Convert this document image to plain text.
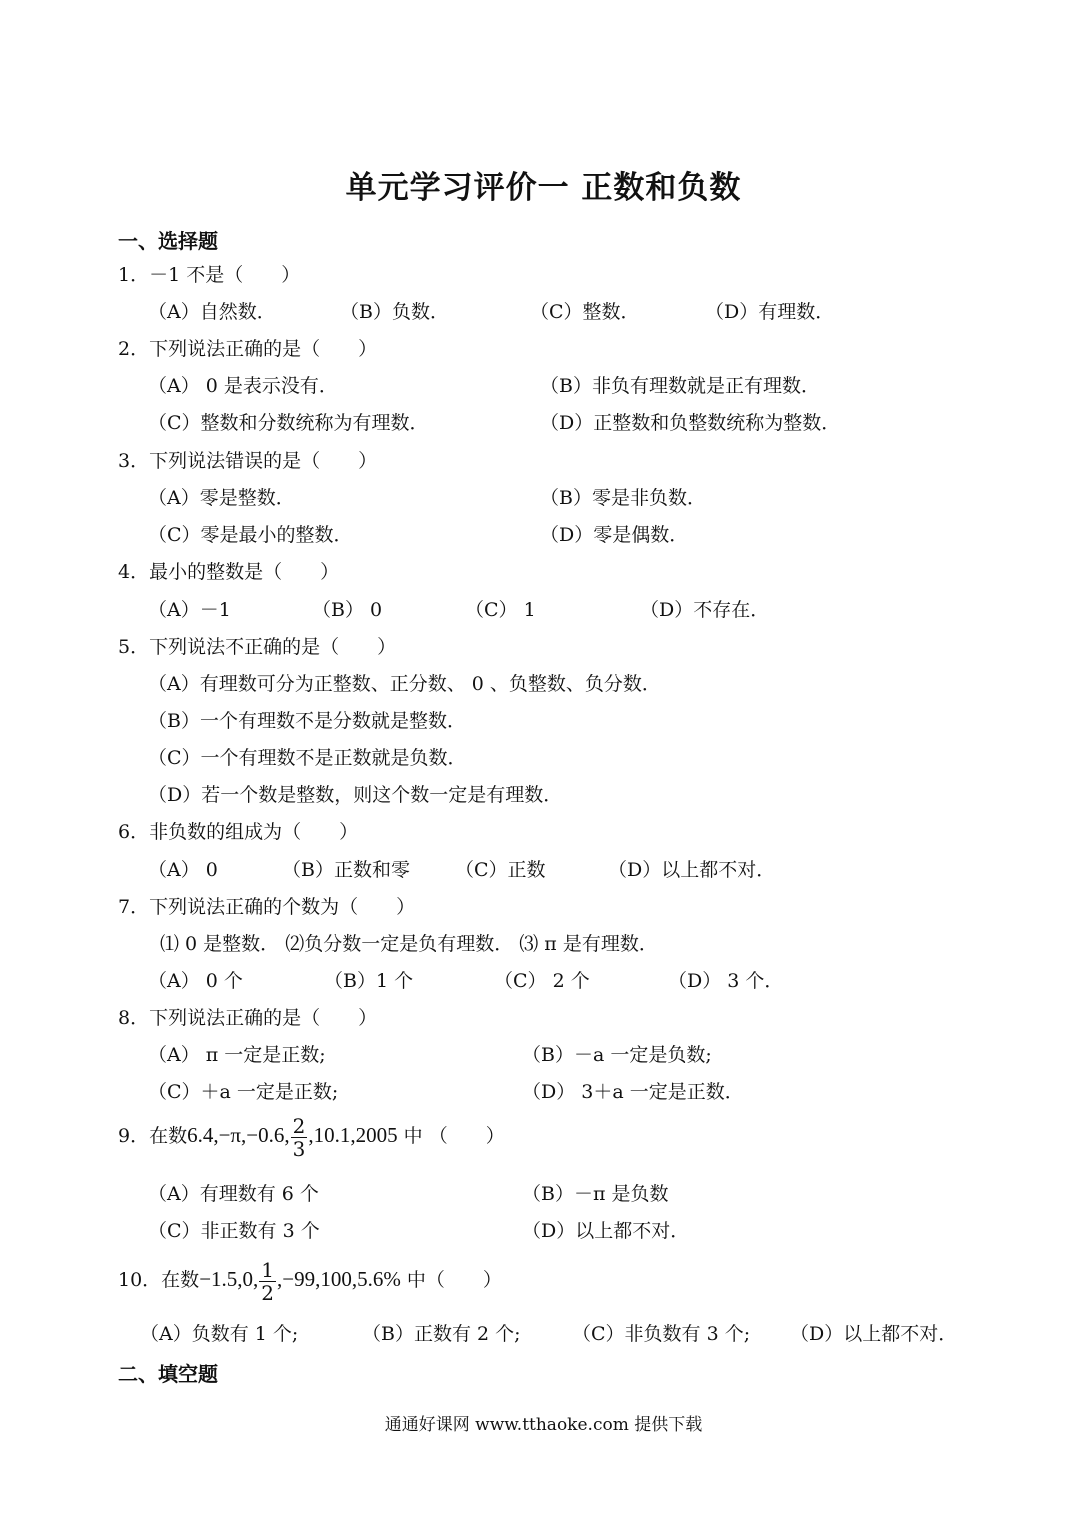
单元学习评价一 正数和负数
一、选择题
1．－1 不是（　　）
（A）自然数．	（B）负数．	（C）整数．	（D）有理数．
2．下列说法正确的是（　　）
（A） 0 是表示没有．	（B）非负有理数就是正有理数．
（C）整数和分数统称为有理数．	（D）正整数和负整数统称为整数．
3．下列说法错误的是（　　）
（A）零是整数．	（B）零是非负数．
（C）零是最小的整数．	（D）零是偶数．
4．最小的整数是（　　）
（A）－1	（B） 0	（C） 1	（D）不存在．
5．下列说法不正确的是（　　）
（A）有理数可分为正整数、正分数、 0 、负整数、负分数．
（B）一个有理数不是分数就是整数．
（C）一个有理数不是正数就是负数．
（D）若一个数是整数，则这个数一定是有理数．
6．非负数的组成为（　　）
（A） 0	（B）正数和零 （C）正数	（D）以上都不对．
7．下列说法正确的个数为（　　）
⑴ 0 是整数． ⑵负分数一定是负有理数． ⑶ π 是有理数．
（A） 0 个	（B）1 个	（C） 2 个	（D） 3 个．
8．下列说法正确的是（　　）
（A） π 一定是正数;	（B）－a 一定是负数;
（C）＋a 一定是正数;	（D） 3＋a 一定是正数．
9．在数6.4,−π,−0.6, $\frac{2}{3} ,10.1,2005$ 中 （　　）
（A）有理数有 6 个	（B）－π 是负数
（C）非正数有 3 个	（D）以上都不对．
10．在数−1.5,0, $\frac{1}{2} ,-99,100,5.6\%$ 中（　　）
（A）负数有 1 个;	（B）正数有 2 个;	（C）非负数有 3 个; （D）以上都不对．
二、填空题
通通好课网 www.tthaoke.com 提供下载
